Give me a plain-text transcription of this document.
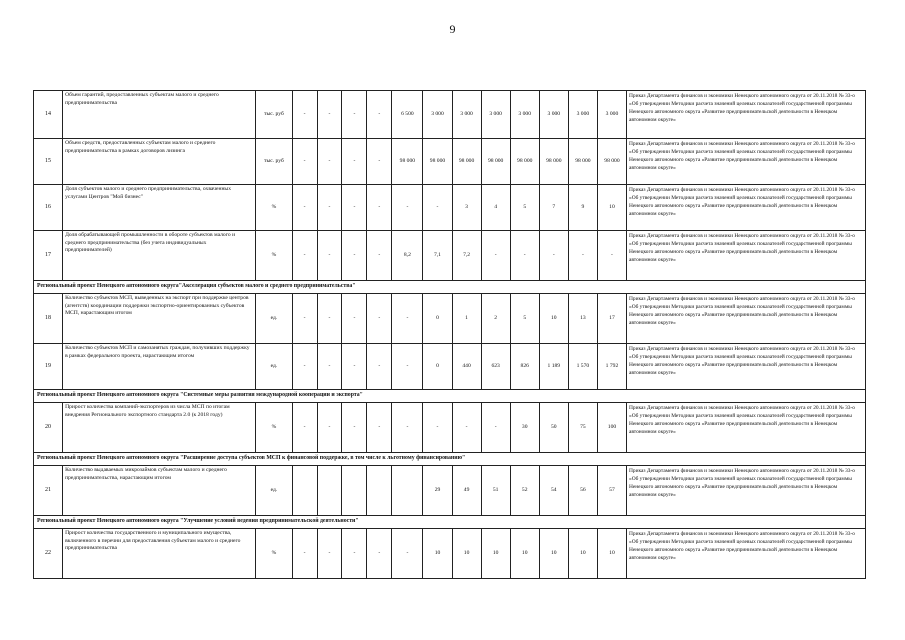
9
14	Объем гарантий, предоставленных субъектам малого и среднего предпринимательства	тыс. руб	-	-	-	-	6 500	3 000	3 000	3 000	3 000	3 000	3 000	3 000	Приказ Департамента финансов и экономики Ненецкого автономного округа от 20.11.2018 № 33-о «Об утверждении Методики расчета значений целевых показателей государственной программы Ненецкого автономного округа «Развитие предпринимательской деятельности в Ненецком автономном округе»
15	Объем средств, предоставленных субъектам малого и среднего предпринимательства в рамках договоров лизинга	тыс. руб	-	-	-	-	98 000	98 000	98 000	98 000	98 000	98 000	98 000	98 000	Приказ Департамента финансов и экономики Ненецкого автономного округа от 20.11.2018 № 33-о «Об утверждении Методики расчета значений целевых показателей государственной программы Ненецкого автономного округа «Развитие предпринимательской деятельности в Ненецком автономном округе»
16	Доля субъектов малого и среднего предпринимательства, охваченных услугами Центров "Мой бизнес"	%	-	-	-	-	-	-	3	4	5	7	9	10	Приказ Департамента финансов и экономики Ненецкого автономного округа от 20.11.2018 № 33-о «Об утверждении Методики расчета значений целевых показателей государственной программы Ненецкого автономного округа «Развитие предпринимательской деятельности в Ненецком автономном округе»
17	Доля обрабатывающей промышленности в обороте субъектов малого и среднего предпринимательства (без учета индивидуальных предпринимателей)	%	-	-	-	-	8,2	7,1	7,2	-	-	-	-	-	Приказ Департамента финансов и экономики Ненецкого автономного округа от 20.11.2018 № 33-о «Об утверждении Методики расчета значений целевых показателей государственной программы Ненецкого автономного округа «Развитие предпринимательской деятельности в Ненецком автономном округе»
Региональный проект Ненецкого автономного округа"Акселерация субъектов малого и среднего предпринимательства"															
18	Количество субъектов МСП, выведенных на экспорт при поддержке центров (агентств) координации поддержки экспортно-ориентированных субъектов МСП, нарастающим итогом	ед.	-	-	-	-	-	0	1	2	5	10	13	17	Приказ Департамента финансов и экономики Ненецкого автономного округа от 20.11.2018 № 33-о «Об утверждении Методики расчета значений целевых показателей государственной программы Ненецкого автономного округа «Развитие предпринимательской деятельности в Ненецком автономном округе»
19	Количество субъектов МСП и самозанятых граждан, получивших поддержку в рамках федерального проекта, нарастающим итогом	ед.	-	-	-	-	-	0	440	623	826	1 189	1 570	1 792	Приказ Департамента финансов и экономики Ненецкого автономного округа от 20.11.2018 № 33-о «Об утверждении Методики расчета значений целевых показателей государственной программы Ненецкого автономного округа «Развитие предпринимательской деятельности в Ненецком автономном округе»
Региональный проект Ненецкого автономного округа "Системные меры развития международной кооперации и экспорта"															
20	Прирост количества компаний-экспортеров из числа МСП по итогам внедрения Регионального экспортного стандарта 2.0 (к 2018 году)	%	-	-	-	-	-	-	-	-	30	50	75	100	Приказ Департамента финансов и экономики Ненецкого автономного округа от 20.11.2018 № 33-о «Об утверждении Методики расчета значений целевых показателей государственной программы Ненецкого автономного округа «Развитие предпринимательской деятельности в Ненецком автономном округе»
Региональный проект Ненецкого автономного округа "Расширение доступа субъектов МСП к финансовой поддержке, в том числе к льготному финансированию"															
21	Количество выдаваемых микрозаймов субъектам малого и среднего предпринимательства, нарастающим итогом	ед.						29	49	51	52	54	56	57	Приказ Департамента финансов и экономики Ненецкого автономного округа от 20.11.2018 № 33-о «Об утверждении Методики расчета значений целевых показателей государственной программы Ненецкого автономного округа «Развитие предпринимательской деятельности в Ненецком автономном округе»
Региональный проект Ненецкого автономного округа "Улучшение условий ведения предпринимательской деятельности"															
22	Прирост количества государственного и муниципального имущества, включенного в перечни для предоставления субъектам малого и среднего предпринимательства	%	-	-	-	-	-	10	10	10	10	10	10	10	Приказ Департамента финансов и экономики Ненецкого автономного округа от 20.11.2018 № 33-о «Об утверждении Методики расчета значений целевых показателей государственной программы Ненецкого автономного округа «Развитие предпринимательской деятельности в Ненецком автономном округе»
